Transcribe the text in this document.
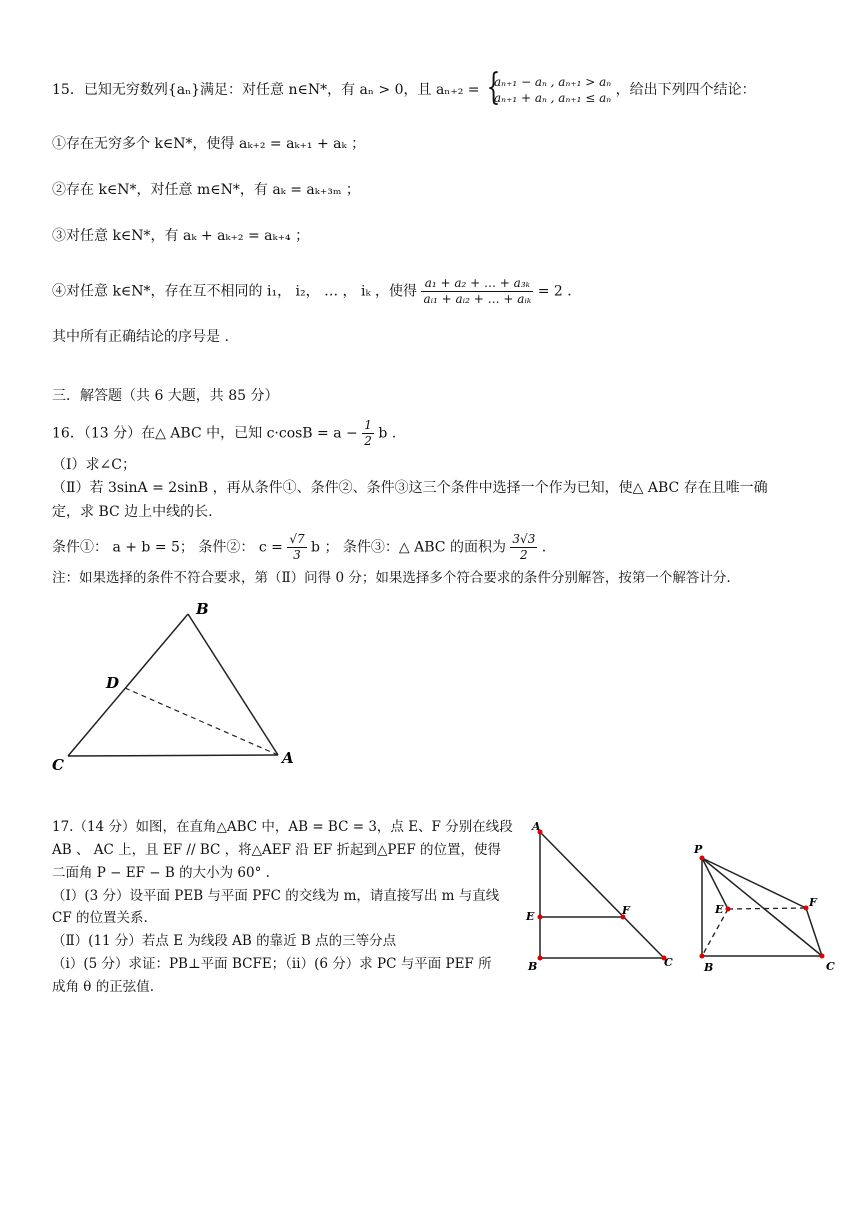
15．已知无穷数列{aₙ}满足：对任意 n∈N*，有 aₙ > 0，且 aₙ₊₂ =
{ aₙ₊₁ − aₙ , aₙ₊₁ > aₙ
aₙ₊₁ + aₙ , aₙ₊₁ ≤ aₙ ，给出下列四个结论：
①存在无穷多个 k∈N*，使得 aₖ₊₂ = aₖ₊₁ + aₖ ；
②存在 k∈N*，对任意 m∈N*，有 aₖ = aₖ₊₃ₘ ；
③对任意 k∈N*，有 aₖ + aₖ₊₂ = aₖ₊₄ ；
④对任意 k∈N*，存在互不相同的 i₁， i₂， … ， iₖ ，使得 $\frac{\text{a₁ + a₂ + … + a₃ₖ}}{\text{aᵢ₁ + aᵢ₂ + … + aᵢₖ}} = 2$ .
其中所有正确结论的序号是 .
三．解答题（共 6 大题，共 85 分）
16．（13 分）在△ ABC 中，已知 $c\cdot\cos B = a - \frac{1}{2}$ b .
（Ⅰ）求∠C；
（Ⅱ）若 3sinA = 2sinB ，再从条件①、条件②、条件③这三个条件中选择一个作为已知，使△ ABC 存在且唯一确
定，求 BC 边上中线的长.
条件①： a + b = 5； 条件②： $c = \frac{√7}{3}$ b ； 条件③：△ ABC 的面积为 $\frac{3√3}{2}$ .
注：如果选择的条件不符合要求，第（Ⅱ）问得 0 分；如果选择多个符合要求的条件分别解答，按第一个解答计分.
B
D
C	A
17.（14 分）如图，在直角△ABC 中，AB = BC = 3，点 E、F 分别在线段
AB 、 AC 上，且 EF // BC ，将△AEF 沿 EF 折起到△PEF 的位置，使得
二面角 P − EF − B 的大小为 60° .
（Ⅰ）(3 分）设平面 PEB 与平面 PFC 的交线为 m，请直接写出 m 与直线
CF 的位置关系.
（Ⅱ）(11 分）若点 E 为线段 AB 的靠近 B 点的三等分点
（ⅰ）(5 分）求证：PB⊥平面 BCFE；（ⅱ）(6 分）求 PC 与平面 PEF 所
成角 θ 的正弦值.
A
E	F
B	C
P
E
F
B	C
